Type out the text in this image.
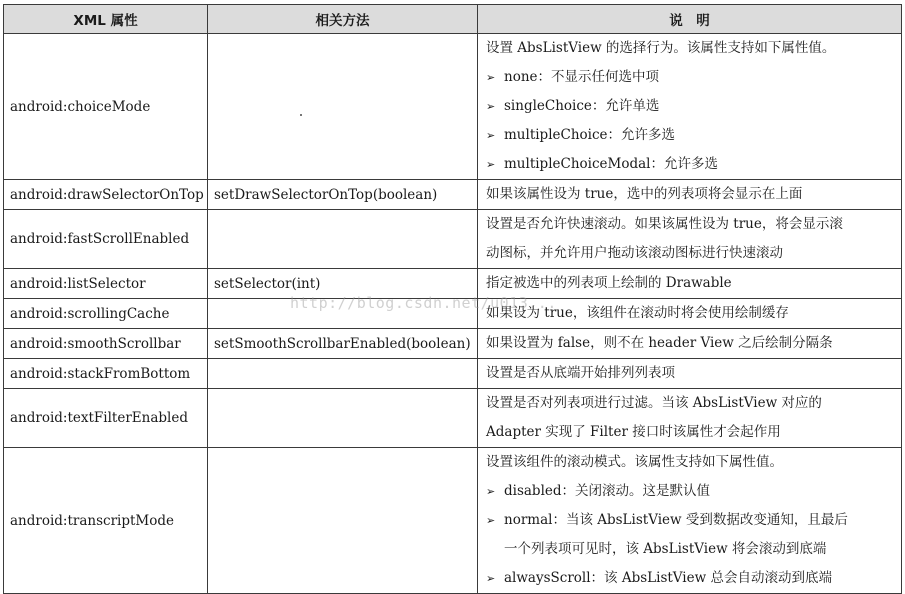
XML 属性	相关方法	说　明
android:choiceMode		设置 AbsListView 的选择行为。该属性支持如下属性值。
➢ none：不显示任何选中项
➢ singleChoice：允许单选
➢ multipleChoice：允许多选
➢ multipleChoiceModal：允许多选

android:drawSelectorOnTop	setDrawSelectorOnTop(boolean)	如果该属性设为 true，选中的列表项将会显示在上面

android:fastScrollEnabled		设置是否允许快速滚动。如果该属性设为 true，将会显示滚
动图标，并允许用户拖动该滚动图标进行快速滚动

android:listSelector	setSelector(int)	指定被选中的列表项上绘制的 Drawable

android:scrollingCache		如果设为 true，该组件在滚动时将会使用绘制缓存

android:smoothScrollbar	setSmoothScrollbarEnabled(boolean)	如果设置为 false，则不在 header View 之后绘制分隔条

android:stackFromBottom		设置是否从底端开始排列列表项

android:textFilterEnabled		设置是否对列表项进行过滤。当该 AbsListView 对应的
Adapter 实现了 Filter 接口时该属性才会起作用

android:transcriptMode		设置该组件的滚动模式。该属性支持如下属性值。
➢ disabled：关闭滚动。这是默认值
➢ normal：当该 AbsListView 受到数据改变通知，且最后
一个列表项可见时，该 AbsListView 将会滚动到底端
➢ alwaysScroll：该 AbsListView 总会自动滚动到底端
http://blog.csdn.net/u013...
